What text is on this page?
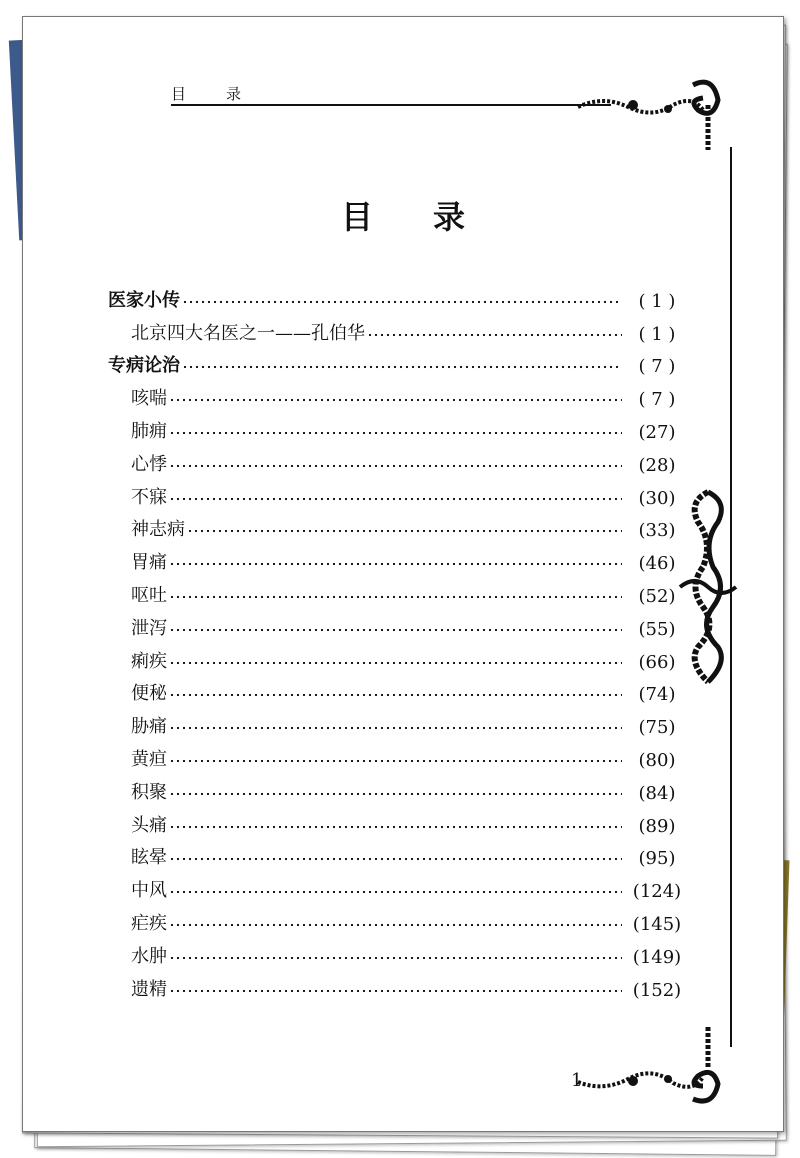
目录
目录
医家小传	( 1 )
北京四大名医之一——孔伯华	( 1 )
专病论治	( 7 )
咳喘	( 7 )
肺痈	(27)
心悸	(28)
不寐	(30)
神志病	(33)
胃痛	(46)
呕吐	(52)
泄泻	(55)
痢疾	(66)
便秘	(74)
胁痛	(75)
黄疸	(80)
积聚	(84)
头痛	(89)
眩晕	(95)
中风	(124)
疟疾	(145)
水肿	(149)
遗精	(152)
1
